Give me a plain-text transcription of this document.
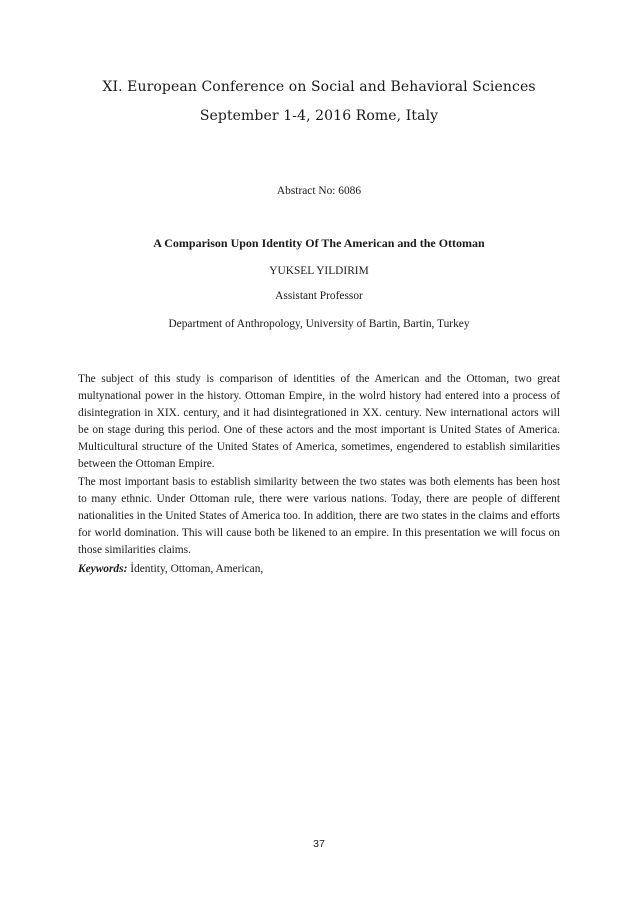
XI. European Conference on Social and Behavioral Sciences
September 1-4, 2016 Rome, Italy
Abstract No: 6086
A Comparison Upon Identity Of The American and the Ottoman
YUKSEL YILDIRIM
Assistant Professor
Department of Anthropology, University of Bartin, Bartin, Turkey

The subject of this study is comparison of identities of the American and the Ottoman, two great multynational power in the history. Ottoman Empire, in the wolrd history had entered into a process of disintegration in XIX. century, and it had disintegrationed in XX. century. New international actors will be on stage during this period. One of these actors and the most important is United States of America. Multicultural structure of the United States of America, sometimes, engendered to establish similarities between the Ottoman Empire.

The most important basis to establish similarity between the two states was both elements has been host to many ethnic. Under Ottoman rule, there were various nations. Today, there are people of different nationalities in the United States of America too. In addition, there are two states in the claims and efforts for world domination. This will cause both be likened to an empire. In this presentation we will focus on those similarities claims.

Keywords: İdentity, Ottoman, American,
37
